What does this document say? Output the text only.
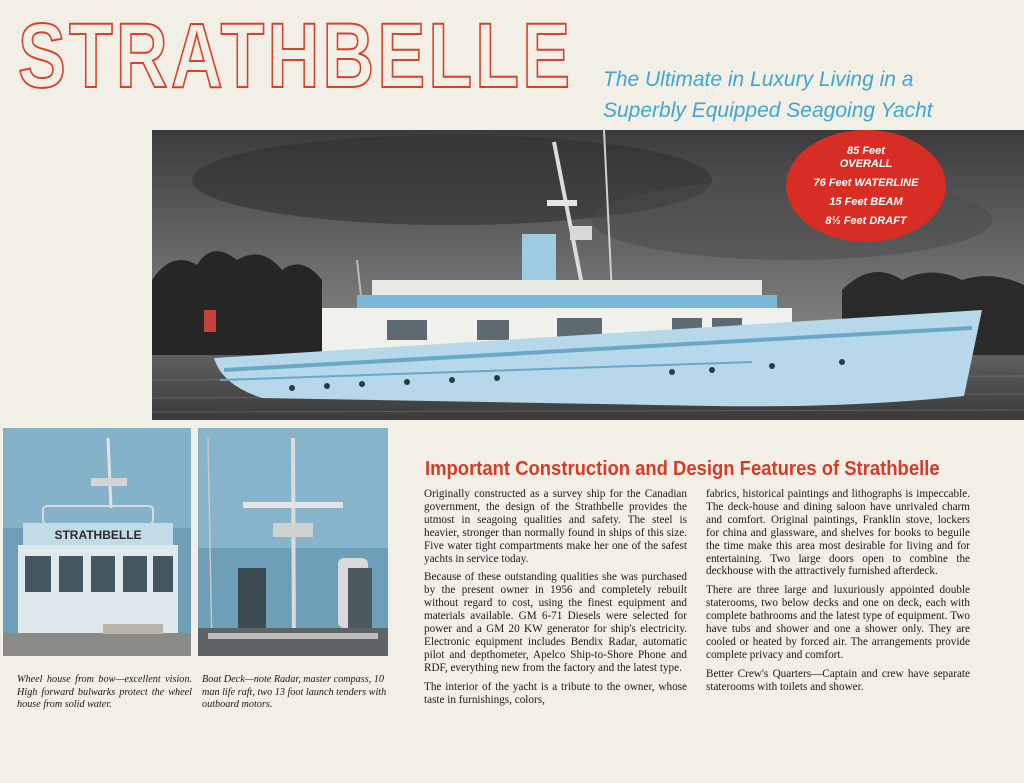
STRATHBELLE The Ultimate in Luxury Living in a
Superbly Equipped Seagoing Yacht
85 Feet
OVERALL
76 Feet WATERLINE
15 Feet BEAM
8½ Feet DRAFT
STRATHBELLE
Wheel house from bow—excellent vision. High forward bulwarks protect the wheel house from solid water.
Boat Deck—note Radar, master compass, 10 man life raft, two 13 foot launch tenders with outboard motors.
Important Construction and Design Features of Strathbelle

Originally constructed as a survey ship for the Canadian government, the design of the Strathbelle provides the utmost in seagoing qualities and safety. The steel is heavier, stronger than normally found in ships of this size. Five water tight compartments make her one of the safest yachts in service today.

Because of these outstanding qualities she was purchased by the present owner in 1956 and completely rebuilt without regard to cost, using the finest equipment and materials available. GM 6-71 Diesels were selected for power and a GM 20 KW generator for ship's electricity. Electronic equipment includes Bendix Radar, automatic pilot and depthometer, Apelco Ship-to-Shore Phone and RDF, everything new from the factory and the latest type.

The interior of the yacht is a tribute to the owner, whose taste in furnishings, colors,

fabrics, historical paintings and lithographs is impeccable. The deck-house and dining saloon have unrivaled charm and comfort. Original paintings, Franklin stove, lockers for china and glassware, and shelves for books to beguile the time make this area most desirable for living and for entertaining. Two large doors open to combine the deckhouse with the attractively furnished afterdeck.

There are three large and luxuriously appointed double staterooms, two below decks and one on deck, each with complete bathrooms and the latest type of equipment. Two have tubs and shower and one a shower only. They are cooled or heated by forced air. The arrangements provide complete privacy and comfort.

Better Crew's Quarters—Captain and crew have separate staterooms with toilets and shower.
